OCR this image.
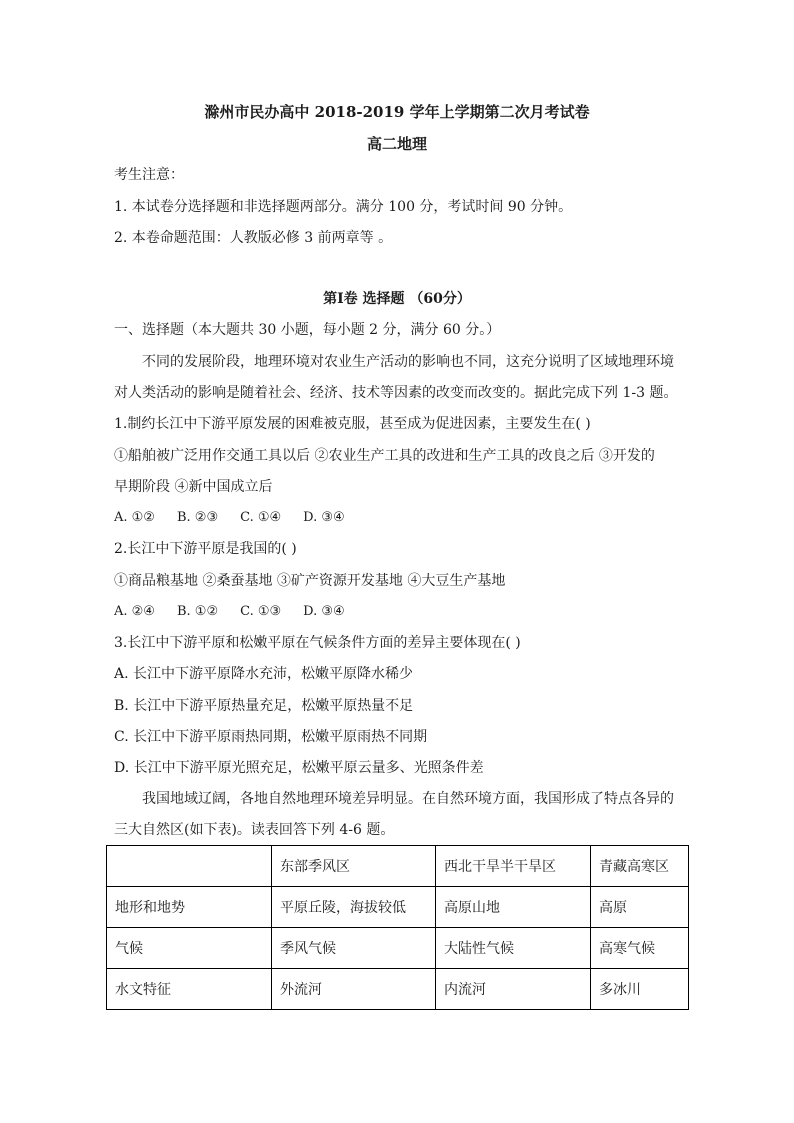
滁州市民办高中 2018-2019 学年上学期第二次月考试卷
高二地理
考生注意：
1. 本试卷分选择题和非选择题两部分。满分 100 分，考试时间 90 分钟。
2. 本卷命题范围：人教版必修 3 前两章等 。
第Ⅰ卷 选择题 （60分）
一、选择题（本大题共 30 小题，每小题 2 分，满分 60 分。）
不同的发展阶段，地理环境对农业生产活动的影响也不同，这充分说明了区域地理环境
对人类活动的影响是随着社会、经济、技术等因素的改变而改变的。据此完成下列 1-3 题。
1.制约长江中下游平原发展的困难被克服，甚至成为促进因素，主要发生在( )
①船舶被广泛用作交通工具以后 ②农业生产工具的改进和生产工具的改良之后 ③开发的
早期阶段 ④新中国成立后
A. ①② B. ②③ C. ①④ D. ③④
2.长江中下游平原是我国的( )
①商品粮基地 ②桑蚕基地 ③矿产资源开发基地 ④大豆生产基地
A. ②④ B. ①② C. ①③ D. ③④
3.长江中下游平原和松嫩平原在气候条件方面的差异主要体现在( )
A. 长江中下游平原降水充沛，松嫩平原降水稀少
B. 长江中下游平原热量充足，松嫩平原热量不足
C. 长江中下游平原雨热同期，松嫩平原雨热不同期
D. 长江中下游平原光照充足，松嫩平原云量多、光照条件差
我国地域辽阔，各地自然地理环境差异明显。在自然环境方面，我国形成了特点各异的
三大自然区(如下表)。读表回答下列 4-6 题。
	东部季风区	西北干旱半干旱区	青藏高寒区
地形和地势	平原丘陵，海拔较低	高原山地	高原
气候	季风气候	大陆性气候	高寒气候
水文特征	外流河	内流河	多冰川
